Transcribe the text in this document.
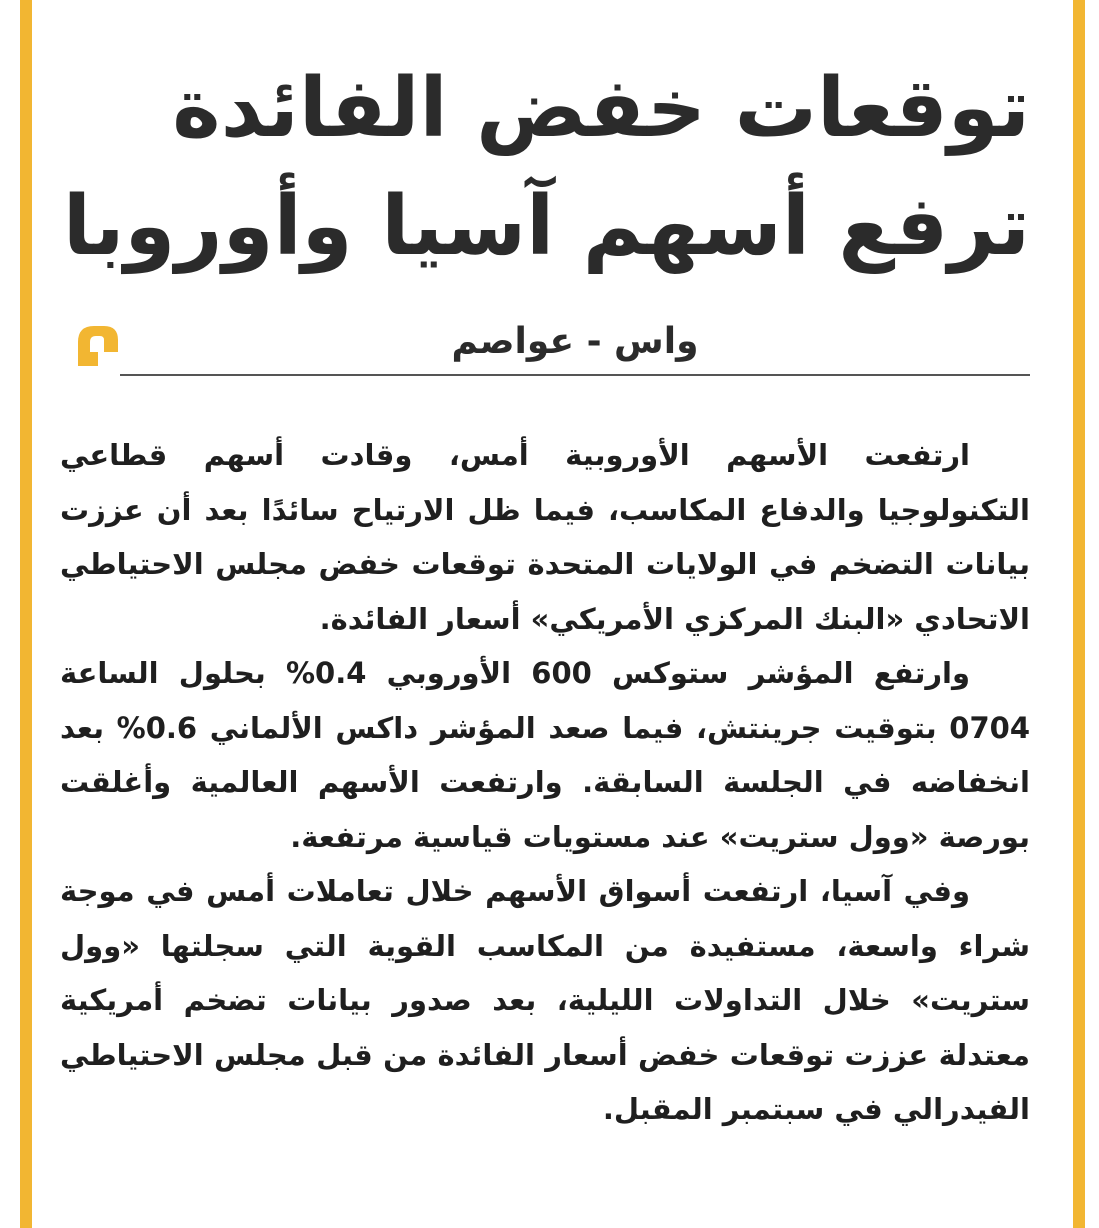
توقعات خفض الفائدة
ترفع أسهم آسيا وأوروبا
واس - عواصم

ارتفعت الأسهم الأوروبية أمس، وقادت أسهم قطاعي التكنولوجيا والدفاع المكاسب، فيما ظل الارتياح سائدًا بعد أن عززت بيانات التضخم في الولايات المتحدة توقعات خفض مجلس الاحتياطي الاتحادي «البنك المركزي الأمريكي» أسعار الفائدة.

وارتفع المؤشر ستوكس 600 الأوروبي 0.4% بحلول الساعة 0704 بتوقيت جرينتش، فيما صعد المؤشر داكس الألماني 0.6% بعد انخفاضه في الجلسة السابقة. وارتفعت الأسهم العالمية وأغلقت بورصة «وول ستريت» عند مستويات قياسية مرتفعة.

وفي آسيا، ارتفعت أسواق الأسهم خلال تعاملات أمس في موجة شراء واسعة، مستفيدة من المكاسب القوية التي سجلتها «وول ستريت» خلال التداولات الليلية، بعد صدور بيانات تضخم أمريكية معتدلة عززت توقعات خفض أسعار الفائدة من قبل مجلس الاحتياطي الفيدرالي في سبتمبر المقبل.
